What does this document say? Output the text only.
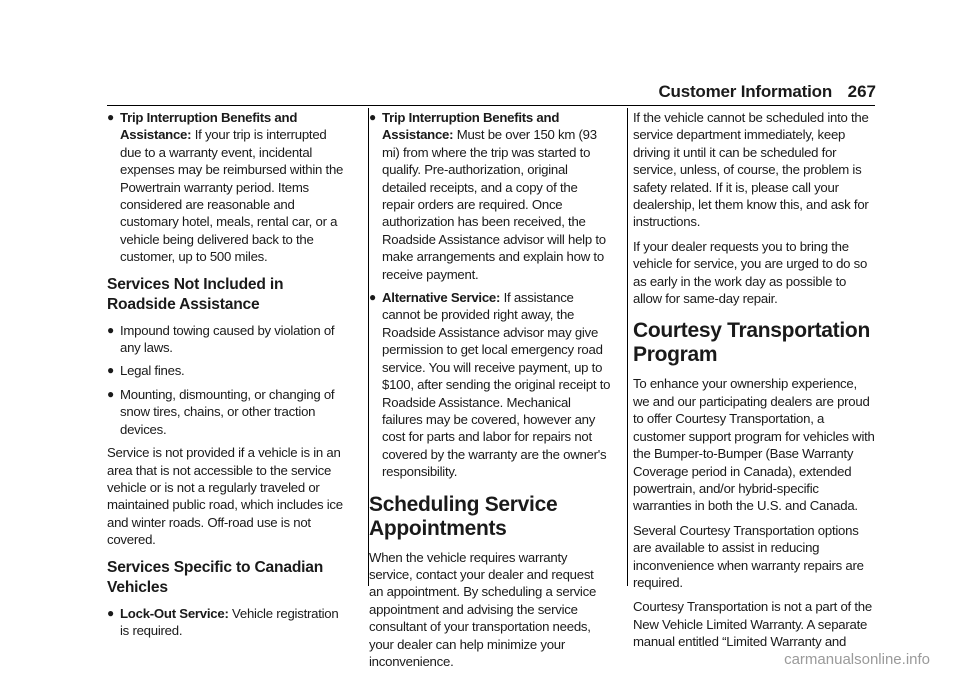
Customer Information 267
● Trip Interruption Benefits and Assistance: If your trip is interrupted due to a warranty event, incidental expenses may be reimbursed within the Powertrain warranty period. Items considered are reasonable and customary hotel, meals, rental car, or a vehicle being delivered back to the customer, up to 500 miles.
Services Not Included in Roadside Assistance
● Impound towing caused by violation of any laws.
● Legal fines.
● Mounting, dismounting, or changing of snow tires, chains, or other traction devices.

Service is not provided if a vehicle is in an area that is not accessible to the service vehicle or is not a regularly traveled or maintained public road, which includes ice and winter roads. Off-road use is not covered.

Services Specific to Canadian Vehicles
● Lock-Out Service: Vehicle registration is required.
● Trip Interruption Benefits and Assistance: Must be over 150 km (93 mi) from where the trip was started to qualify. Pre-authorization, original detailed receipts, and a copy of the repair orders are required. Once authorization has been received, the Roadside Assistance advisor will help to make arrangements and explain how to receive payment.
● Alternative Service: If assistance cannot be provided right away, the Roadside Assistance advisor may give permission to get local emergency road service. You will receive payment, up to $100, after sending the original receipt to Roadside Assistance. Mechanical failures may be covered, however any cost for parts and labor for repairs not covered by the warranty are the owner's responsibility.
Scheduling Service Appointments

When the vehicle requires warranty service, contact your dealer and request an appointment. By scheduling a service appointment and advising the service consultant of your transportation needs, your dealer can help minimize your inconvenience.

If the vehicle cannot be scheduled into the service department immediately, keep driving it until it can be scheduled for service, unless, of course, the problem is safety related. If it is, please call your dealership, let them know this, and ask for instructions.

If your dealer requests you to bring the vehicle for service, you are urged to do so as early in the work day as possible to allow for same-day repair.

Courtesy Transportation Program

To enhance your ownership experience, we and our participating dealers are proud to offer Courtesy Transportation, a customer support program for vehicles with the Bumper-to-Bumper (Base Warranty Coverage period in Canada), extended powertrain, and/or hybrid-specific warranties in both the U.S. and Canada.

Several Courtesy Transportation options are available to assist in reducing inconvenience when warranty repairs are required.

Courtesy Transportation is not a part of the New Vehicle Limited Warranty. A separate manual entitled “Limited Warranty and

carmanualsonline.info
